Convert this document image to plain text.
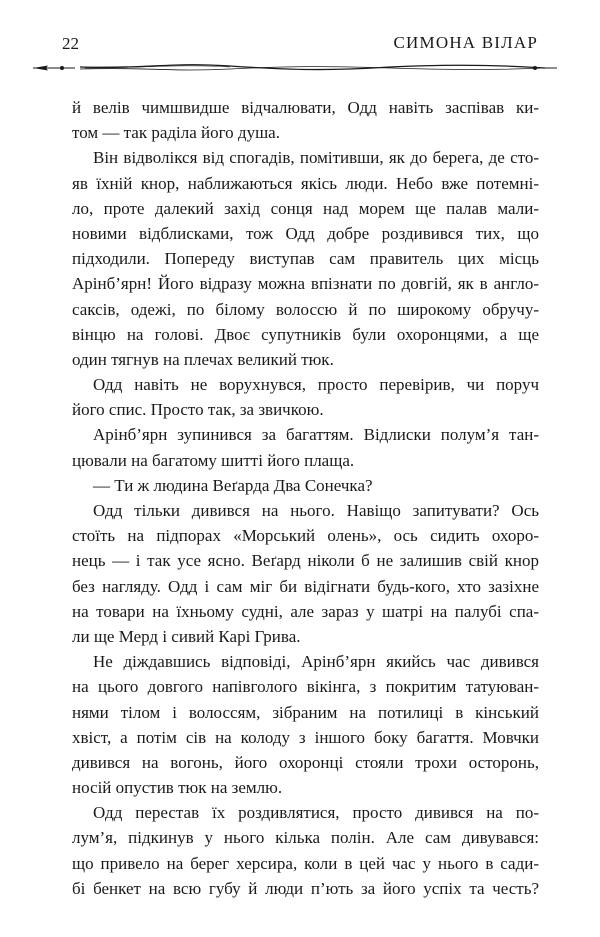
22	СИМОНА ВІЛАР
й велів чимшвидше відчалювати, Одд навіть заспівав ки-
том — так раділа його душа.
Він відволікся від спогадів, помітивши, як до берега, де сто-
яв їхній кнор, наближаються якісь люди. Небо вже потемні-
ло, проте далекий захід сонця над морем ще палав мали-
новими відблисками, тож Одд добре роздивився тих, що
підходили. Попереду виступав сам правитель цих місць
Арінб’ярн! Його відразу можна впізнати по довгій, як в англо-
саксів, одежі, по білому волоссю й по широкому обручу-
вінцю на голові. Двоє супутників були охоронцями, а ще
один тягнув на плечах великий тюк.
Одд навіть не ворухнувся, просто перевірив, чи поруч
його спис. Просто так, за звичкою.
Арінб’ярн зупинився за багаттям. Відлиски полум’я тан-
цювали на багатому шитті його плаща.
— Ти ж людина Веґарда Два Сонечка?
Одд тільки дивився на нього. Навіщо запитувати? Ось
стоїть на підпорах «Морський олень», ось сидить охоро-
нець — і так усе ясно. Веґард ніколи б не залишив свій кнор
без нагляду. Одд і сам міг би відігнати будь-кого, хто зазіхне
на товари на їхньому судні, але зараз у шатрі на палубі спа-
ли ще Мерд і сивий Карі Грива.
Не діждавшись відповіді, Арінб’ярн якийсь час дивився
на цього довгого напівголого вікінга, з покритим татуюван-
нями тілом і волоссям, зібраним на потилиці в кінський
хвіст, а потім сів на колоду з іншого боку багаття. Мовчки
дивився на вогонь, його охоронці стояли трохи осторонь,
носій опустив тюк на землю.
Одд перестав їх роздивлятися, просто дивився на по-
лум’я, підкинув у нього кілька полін. Але сам дивувався:
що привело на берег херсира, коли в цей час у нього в сади-
бі бенкет на всю губу й люди п’ють за його успіх та честь?
